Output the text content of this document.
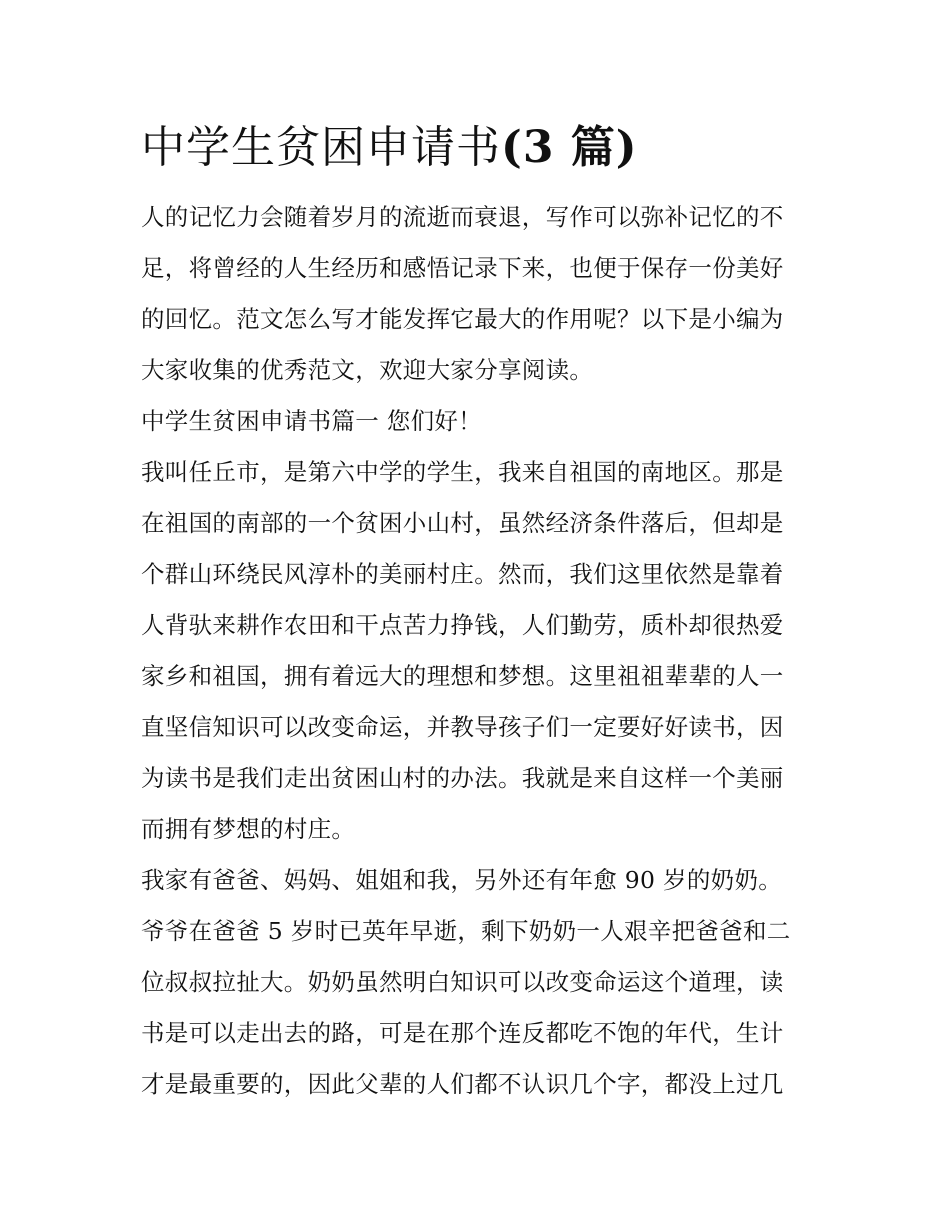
中学生贫困申请书(3 篇)
人的记忆力会随着岁月的流逝而衰退，写作可以弥补记忆的不
足，将曾经的人生经历和感悟记录下来，也便于保存一份美好
的回忆。范文怎么写才能发挥它最大的作用呢？以下是小编为
大家收集的优秀范文，欢迎大家分享阅读。
中学生贫困申请书篇一 您们好！
我叫任丘市，是第六中学的学生，我来自祖国的南地区。那是
在祖国的南部的一个贫困小山村，虽然经济条件落后，但却是
个群山环绕民风淳朴的美丽村庄。然而，我们这里依然是靠着
人背驮来耕作农田和干点苦力挣钱，人们勤劳，质朴却很热爱
家乡和祖国，拥有着远大的理想和梦想。这里祖祖辈辈的人一
直坚信知识可以改变命运，并教导孩子们一定要好好读书，因
为读书是我们走出贫困山村的办法。我就是来自这样一个美丽
而拥有梦想的村庄。
我家有爸爸、妈妈、姐姐和我，另外还有年愈 90 岁的奶奶。
爷爷在爸爸 5 岁时已英年早逝，剩下奶奶一人艰辛把爸爸和二
位叔叔拉扯大。奶奶虽然明白知识可以改变命运这个道理，读
书是可以走出去的路，可是在那个连反都吃不饱的年代，生计
才是最重要的，因此父辈的人们都不认识几个字，都没上过几
